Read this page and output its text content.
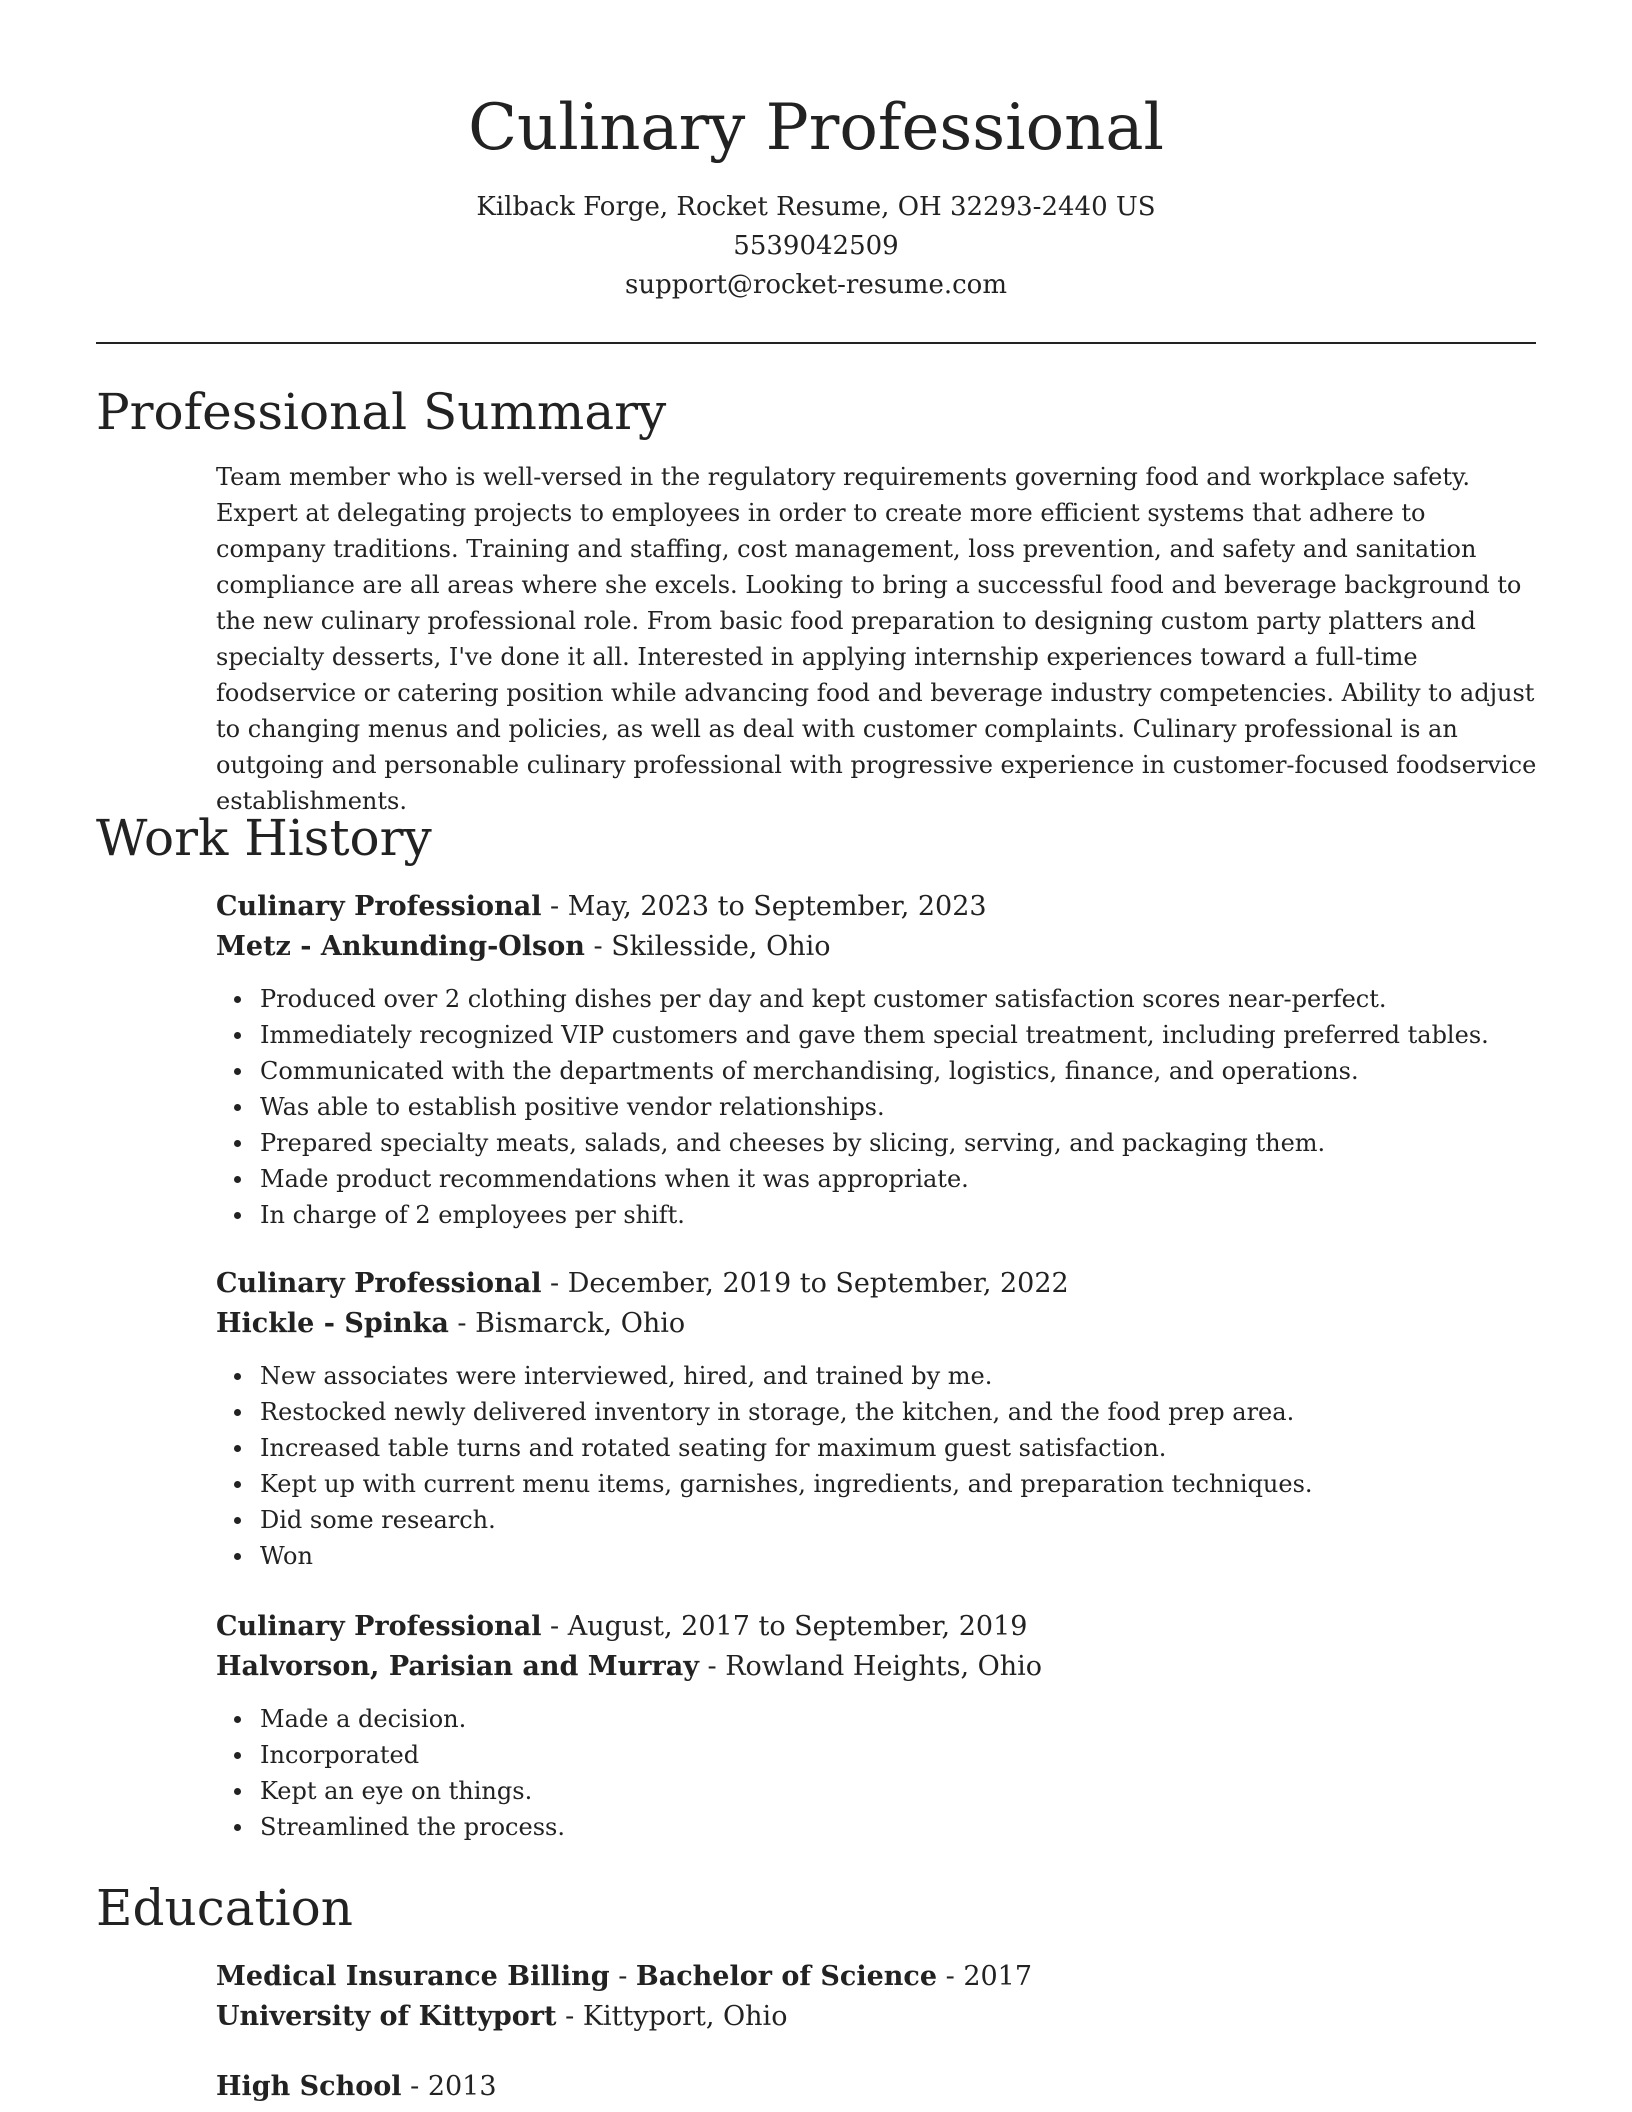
Culinary Professional

Kilback Forge, Rocket Resume, OH 32293-2440 US

5539042509

support@rocket-resume.com

Professional Summary

Team member who is well-versed in the regulatory requirements governing food and workplace safety. Expert at delegating projects to employees in order to create more efficient systems that adhere to company traditions. Training and staffing, cost management, loss prevention, and safety and sanitation compliance are all areas where she excels. Looking to bring a successful food and beverage background to the new culinary professional role. From basic food preparation to designing custom party platters and specialty desserts, I've done it all. Interested in applying internship experiences toward a full-time foodservice or catering position while advancing food and beverage industry competencies. Ability to adjust to changing menus and policies, as well as deal with customer complaints. Culinary professional is an outgoing and personable culinary professional with progressive experience in customer-focused foodservice establishments.

Work History

Culinary Professional - May, 2023 to September, 2023

Metz - Ankunding-Olson - Skilesside, Ohio

Produced over 2 clothing dishes per day and kept customer satisfaction scores near-perfect.
Immediately recognized VIP customers and gave them special treatment, including preferred tables.
Communicated with the departments of merchandising, logistics, finance, and operations.
Was able to establish positive vendor relationships.
Prepared specialty meats, salads, and cheeses by slicing, serving, and packaging them.
Made product recommendations when it was appropriate.
In charge of 2 employees per shift.

Culinary Professional - December, 2019 to September, 2022

Hickle - Spinka - Bismarck, Ohio

New associates were interviewed, hired, and trained by me.
Restocked newly delivered inventory in storage, the kitchen, and the food prep area.
Increased table turns and rotated seating for maximum guest satisfaction.
Kept up with current menu items, garnishes, ingredients, and preparation techniques.
Did some research.
Won

Culinary Professional - August, 2017 to September, 2019

Halvorson, Parisian and Murray - Rowland Heights, Ohio

Made a decision.
Incorporated
Kept an eye on things.
Streamlined the process.
Education

Medical Insurance Billing - Bachelor of Science - 2017

University of Kittyport - Kittyport, Ohio

High School - 2013
